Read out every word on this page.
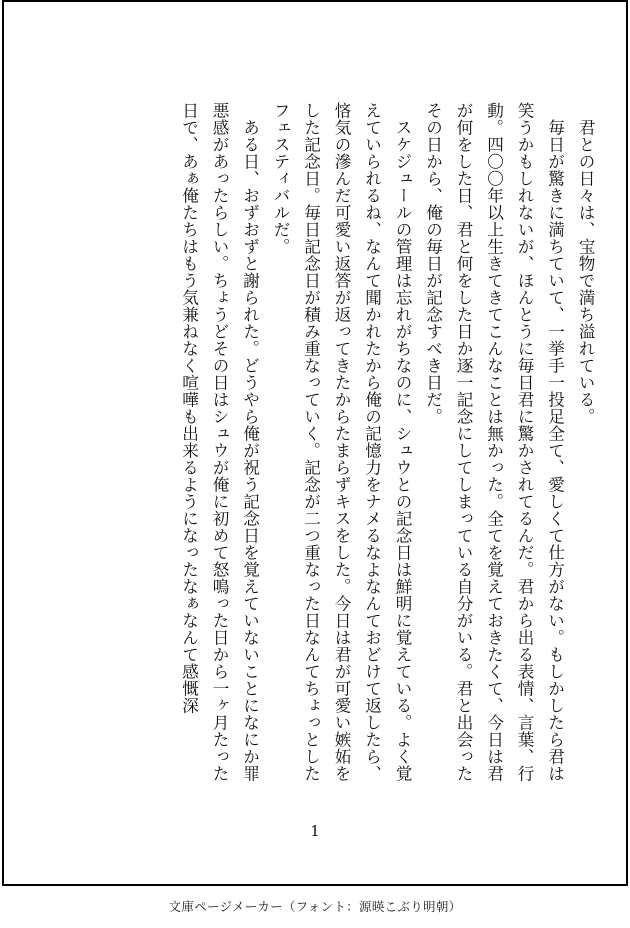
君との日々は、宝物で満ち溢れている。

毎日が驚きに満ちていて、一挙手一投足全て、愛しくて仕方がない。もしかしたら君は笑うかもしれないが、ほんとうに毎日君に驚かされてるんだ。君から出る表情、言葉、行動。四〇〇年以上生きてきてこんなことは無かった。全てを覚えておきたくて、今日は君が何をした日、君と何をした日か逐一記念にしてしまっている自分がいる。君と出会ったその日から、俺の毎日が記念すべき日だ。

スケジュールの管理は忘れがちなのに、シュウとの記念日は鮮明に覚えている。よく覚えていられるね、なんて聞かれたから俺の記憶力をナメるなよなんておどけて返したら、悋気の滲んだ可愛い返答が返ってきたからたまらずキスをした。今日は君が可愛い嫉妬をした記念日。毎日記念日が積み重なっていく。記念が二つ重なった日なんてちょっとしたフェスティバルだ。

ある日、おずおずと謝られた。どうやら俺が祝う記念日を覚えていないことになにか罪悪感があったらしい。ちょうどその日はシュウが俺に初めて怒鳴った日から一ヶ月たった日で、あぁ俺たちはもう気兼ねなく喧嘩も出来るようになったなぁなんて感慨深

1
文庫ページメーカー（フォント：源暎こぶり明朝）
